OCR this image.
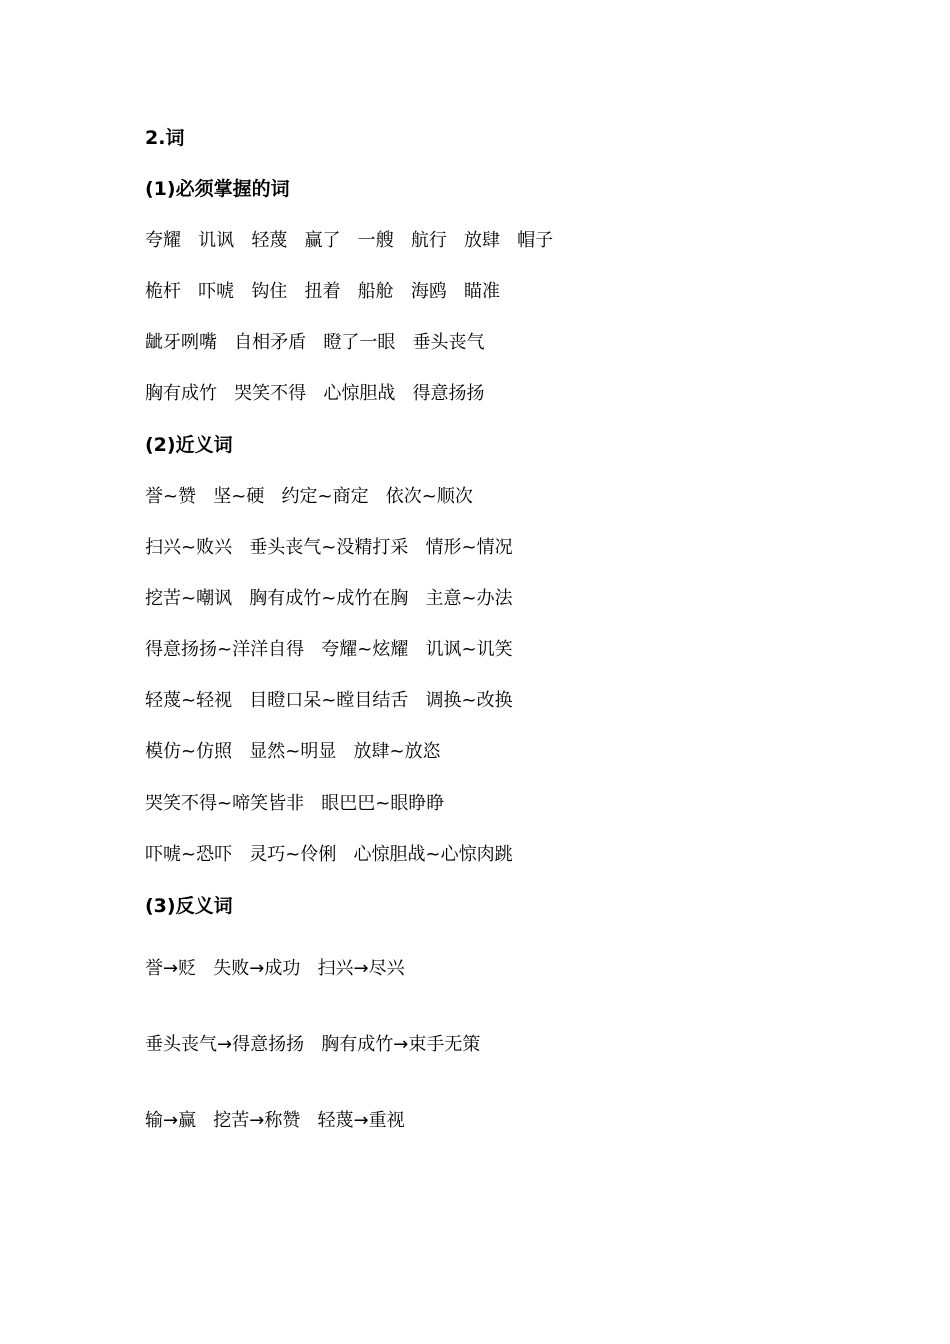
2.词
(1)必须掌握的词
夸耀   讥讽   轻蔑   赢了   一艘   航行   放肆   帽子
桅杆   吓唬   钩住   扭着   船舱   海鸥   瞄准
龇牙咧嘴   自相矛盾   瞪了一眼   垂头丧气
胸有成竹   哭笑不得   心惊胆战   得意扬扬
(2)近义词
誉~赞   坚~硬   约定~商定   依次~顺次
扫兴~败兴   垂头丧气~没精打采   情形~情况
挖苦~嘲讽   胸有成竹~成竹在胸   主意~办法
得意扬扬~洋洋自得   夸耀~炫耀   讥讽~讥笑
轻蔑~轻视   目瞪口呆~瞠目结舌   调换~改换
模仿~仿照   显然~明显   放肆~放恣
哭笑不得~啼笑皆非   眼巴巴~眼睁睁
吓唬~恐吓   灵巧~伶俐   心惊胆战~心惊肉跳
(3)反义词
誉→贬   失败→成功   扫兴→尽兴
垂头丧气→得意扬扬   胸有成竹→束手无策
输→赢   挖苦→称赞   轻蔑→重视
